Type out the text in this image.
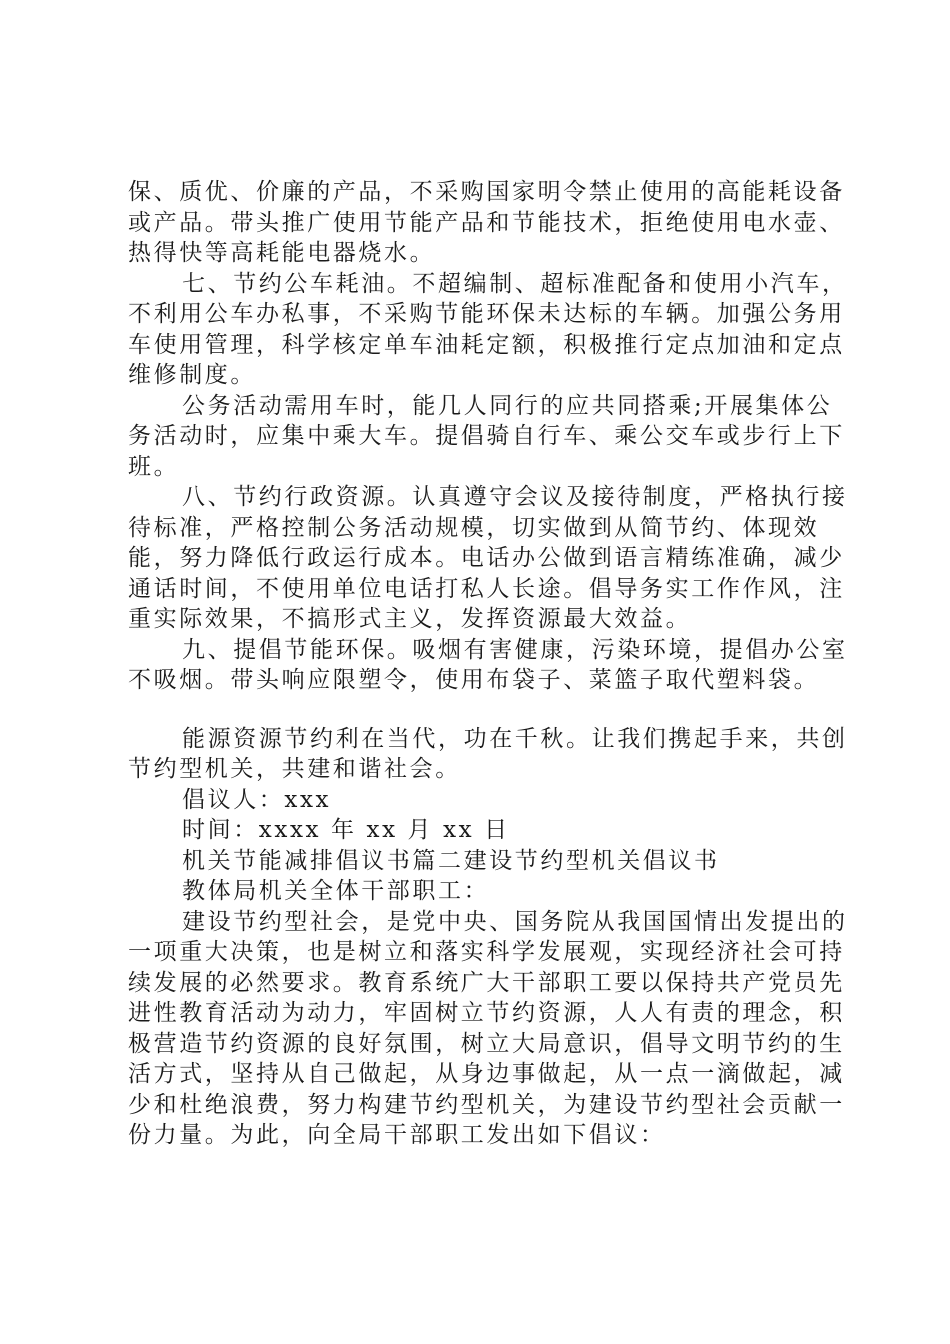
保、质优、价廉的产品，不采购国家明令禁止使用的高能耗设备或产品。带头推广使用节能产品和节能技术，拒绝使用电水壶、热得快等高耗能电器烧水。

七、节约公车耗油。不超编制、超标准配备和使用小汽车，不利用公车办私事，不采购节能环保未达标的车辆。加强公务用车使用管理，科学核定单车油耗定额，积极推行定点加油和定点维修制度。

公务活动需用车时，能几人同行的应共同搭乘;开展集体公务活动时，应集中乘大车。提倡骑自行车、乘公交车或步行上下班。

八、节约行政资源。认真遵守会议及接待制度，严格执行接待标准，严格控制公务活动规模，切实做到从简节约、体现效能，努力降低行政运行成本。电话办公做到语言精练准确，减少通话时间，不使用单位电话打私人长途。倡导务实工作作风，注重实际效果，不搞形式主义，发挥资源最大效益。

九、提倡节能环保。吸烟有害健康，污染环境，提倡办公室不吸烟。带头响应限塑令，使用布袋子、菜篮子取代塑料袋。

能源资源节约利在当代，功在千秋。让我们携起手来，共创节约型机关，共建和谐社会。

倡议人：xxx

时间：xxxx 年 xx 月 xx 日

机关节能减排倡议书篇二建设节约型机关倡议书

教体局机关全体干部职工：

建设节约型社会，是党中央、国务院从我国国情出发提出的一项重大决策，也是树立和落实科学发展观，实现经济社会可持续发展的必然要求。教育系统广大干部职工要以保持共产党员先进性教育活动为动力，牢固树立节约资源，人人有责的理念，积极营造节约资源的良好氛围，树立大局意识，倡导文明节约的生活方式，坚持从自己做起，从身边事做起，从一点一滴做起，减少和杜绝浪费，努力构建节约型机关，为建设节约型社会贡献一份力量。为此，向全局干部职工发出如下倡议：
